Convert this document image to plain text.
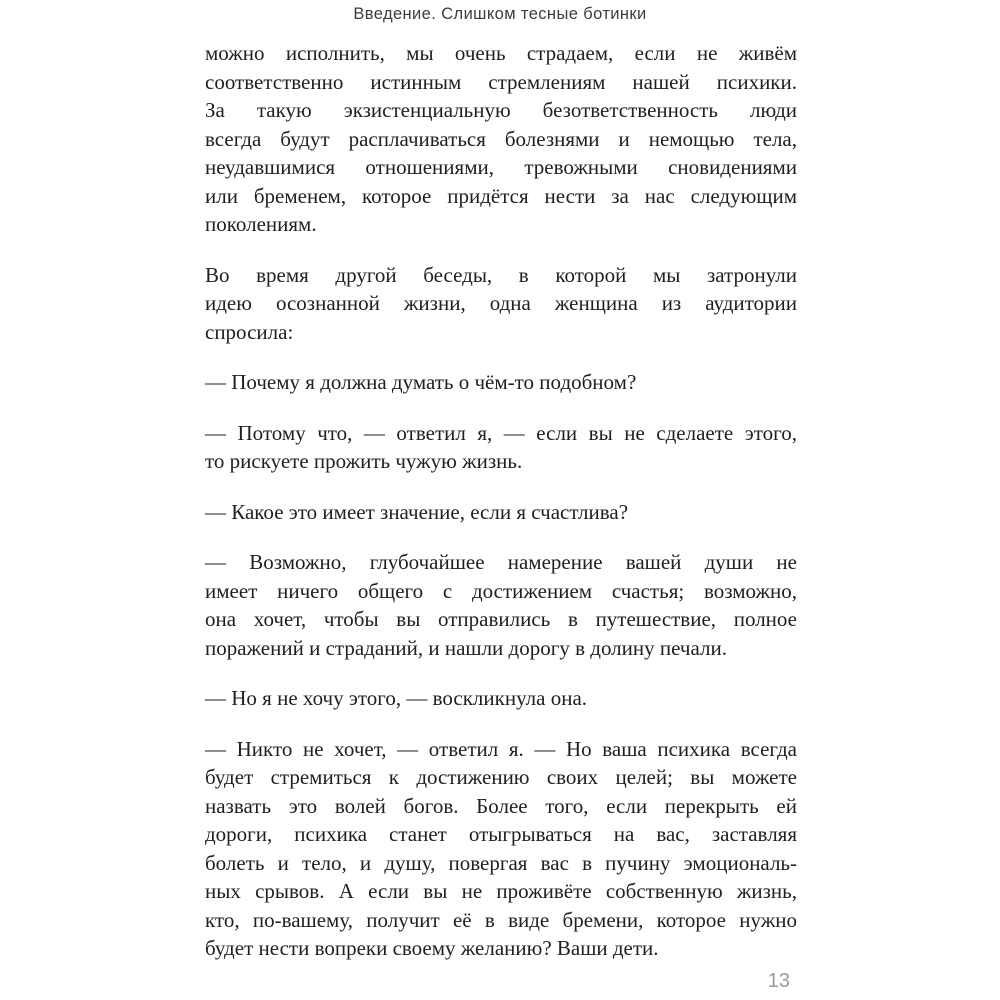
Введение. Слишком тесные ботинки
можно исполнить, мы очень страдаем, если не живём
соответственно истинным стремлениям нашей психики.
За такую экзистенциальную безответственность люди
всегда будут расплачиваться болезнями и немощью тела,
неудавшимися отношениями, тревожными сновидениями
или бременем, которое придётся нести за нас следующим
поколениям.
Во время другой беседы, в которой мы затронули
идею осознанной жизни, одна женщина из аудитории
спросила:
— Почему я должна думать о чём-то подобном?
— Потому что, — ответил я, — если вы не сделаете этого,
то рискуете прожить чужую жизнь.
— Какое это имеет значение, если я счастлива?
— Возможно, глубочайшее намерение вашей души не
имеет ничего общего с достижением счастья; возможно,
она хочет, чтобы вы отправились в путешествие, полное
поражений и страданий, и нашли дорогу в долину печали.
— Но я не хочу этого, — воскликнула она.
— Никто не хочет, — ответил я. — Но ваша психика всегда
будет стремиться к достижению своих целей; вы можете
назвать это волей богов. Более того, если перекрыть ей
дороги, психика станет отыгрываться на вас, заставляя
болеть и тело, и душу, повергая вас в пучину эмоциональ-
ных срывов. А если вы не проживёте собственную жизнь,
кто, по-вашему, получит её в виде бремени, которое нужно
будет нести вопреки своему желанию? Ваши дети.
13
